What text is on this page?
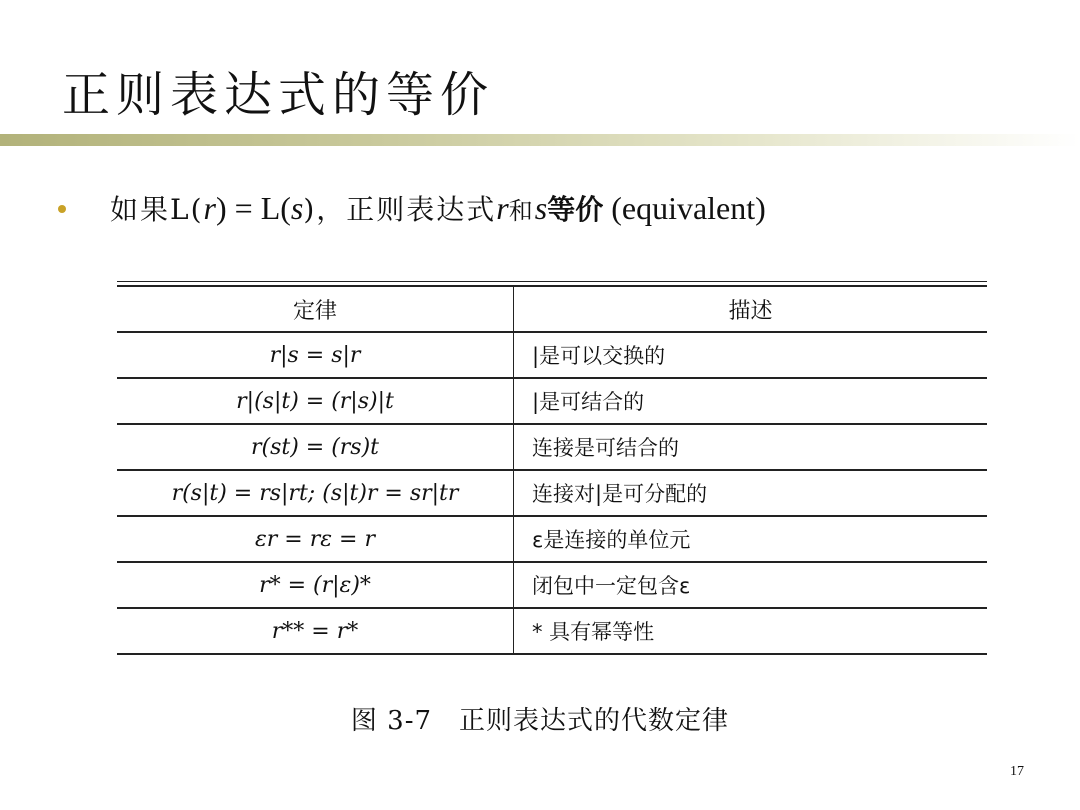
正则表达式的等价
如果L(r) = L(s)，正则表达式r和s等价 (equivalent)
定律	描述
r|s = s|r	|是可以交换的
r|(s|t) = (r|s)|t	|是可结合的
r(st) = (rs)t	连接是可结合的
r(s|t) = rs|rt; (s|t)r = sr|tr	连接对|是可分配的
εr = rε = r	ε是连接的单位元
r* = (r|ε)*	闭包中一定包含ε
r** = r*	* 具有幂等性
图 3-7　正则表达式的代数定律
17
